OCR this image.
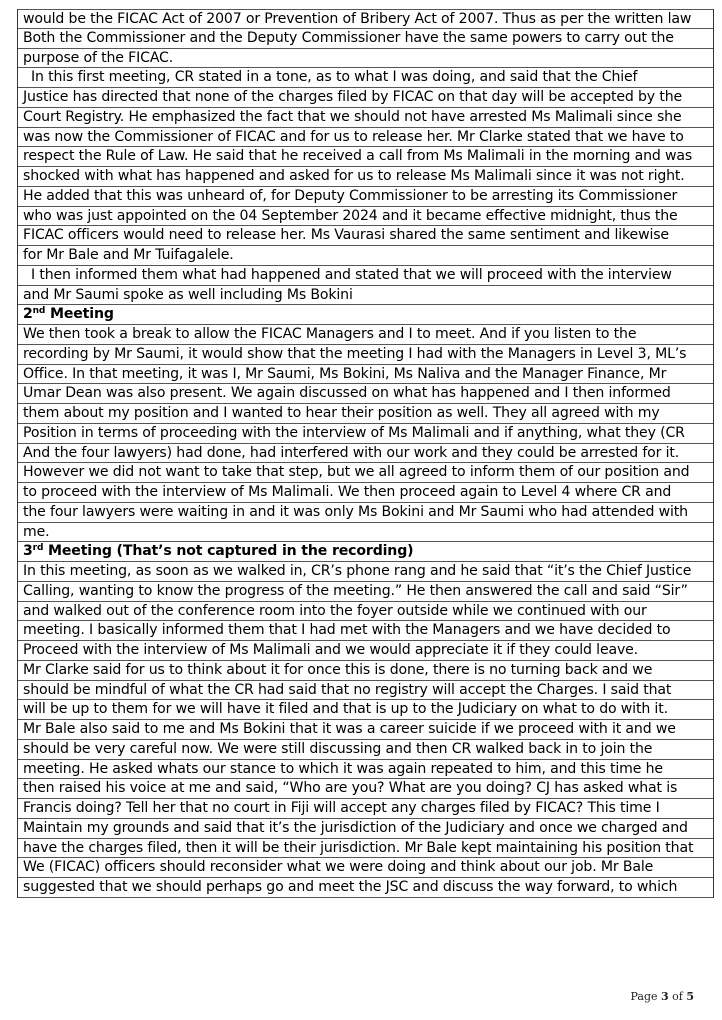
would be the FICAC Act of 2007 or Prevention of Bribery Act of 2007. Thus as per the written law
Both the Commissioner and the Deputy Commissioner have the same powers to carry out the
purpose of the FICAC.
In this first meeting, CR stated in a tone, as to what I was doing, and said that the Chief
Justice has directed that none of the charges filed by FICAC on that day will be accepted by the
Court Registry. He emphasized the fact that we should not have arrested Ms Malimali since she
was now the Commissioner of FICAC and for us to release her. Mr Clarke stated that we have to
respect the Rule of Law. He said that he received a call from Ms Malimali in the morning and was
shocked with what has happened and asked for us to release Ms Malimali since it was not right.
He added that this was unheard of, for Deputy Commissioner to be arresting its Commissioner
who was just appointed on the 04 September 2024 and it became effective midnight, thus the
FICAC officers would need to release her. Ms Vaurasi shared the same sentiment and likewise
for Mr Bale and Mr Tuifagalele.
I then informed them what had happened and stated that we will proceed with the interview
and Mr Saumi spoke as well including Ms Bokini
2nd Meeting
We then took a break to allow the FICAC Managers and I to meet. And if you listen to the
recording by Mr Saumi, it would show that the meeting I had with the Managers in Level 3, ML’s
Office. In that meeting, it was I, Mr Saumi, Ms Bokini, Ms Naliva and the Manager Finance, Mr
Umar Dean was also present. We again discussed on what has happened and I then informed
them about my position and I wanted to hear their position as well. They all agreed with my
Position in terms of proceeding with the interview of Ms Malimali and if anything, what they (CR
And the four lawyers) had done, had interfered with our work and they could be arrested for it.
However we did not want to take that step, but we all agreed to inform them of our position and
to proceed with the interview of Ms Malimali. We then proceed again to Level 4 where CR and
the four lawyers were waiting in and it was only Ms Bokini and Mr Saumi who had attended with
me.
3rd Meeting (That’s not captured in the recording)
In this meeting, as soon as we walked in, CR’s phone rang and he said that “it’s the Chief Justice
Calling, wanting to know the progress of the meeting.” He then answered the call and said “Sir”
and walked out of the conference room into the foyer outside while we continued with our
meeting. I basically informed them that I had met with the Managers and we have decided to
Proceed with the interview of Ms Malimali and we would appreciate it if they could leave.
Mr Clarke said for us to think about it for once this is done, there is no turning back and we
should be mindful of what the CR had said that no registry will accept the Charges. I said that
will be up to them for we will have it filed and that is up to the Judiciary on what to do with it.
Mr Bale also said to me and Ms Bokini that it was a career suicide if we proceed with it and we
should be very careful now. We were still discussing and then CR walked back in to join the
meeting. He asked whats our stance to which it was again repeated to him, and this time he
then raised his voice at me and said, “Who are you? What are you doing? CJ has asked what is
Francis doing? Tell her that no court in Fiji will accept any charges filed by FICAC? This time I
Maintain my grounds and said that it’s the jurisdiction of the Judiciary and once we charged and
have the charges filed, then it will be their jurisdiction. Mr Bale kept maintaining his position that
We (FICAC) officers should reconsider what we were doing and think about our job. Mr Bale
suggested that we should perhaps go and meet the JSC and discuss the way forward, to which
Page 3 of 5
